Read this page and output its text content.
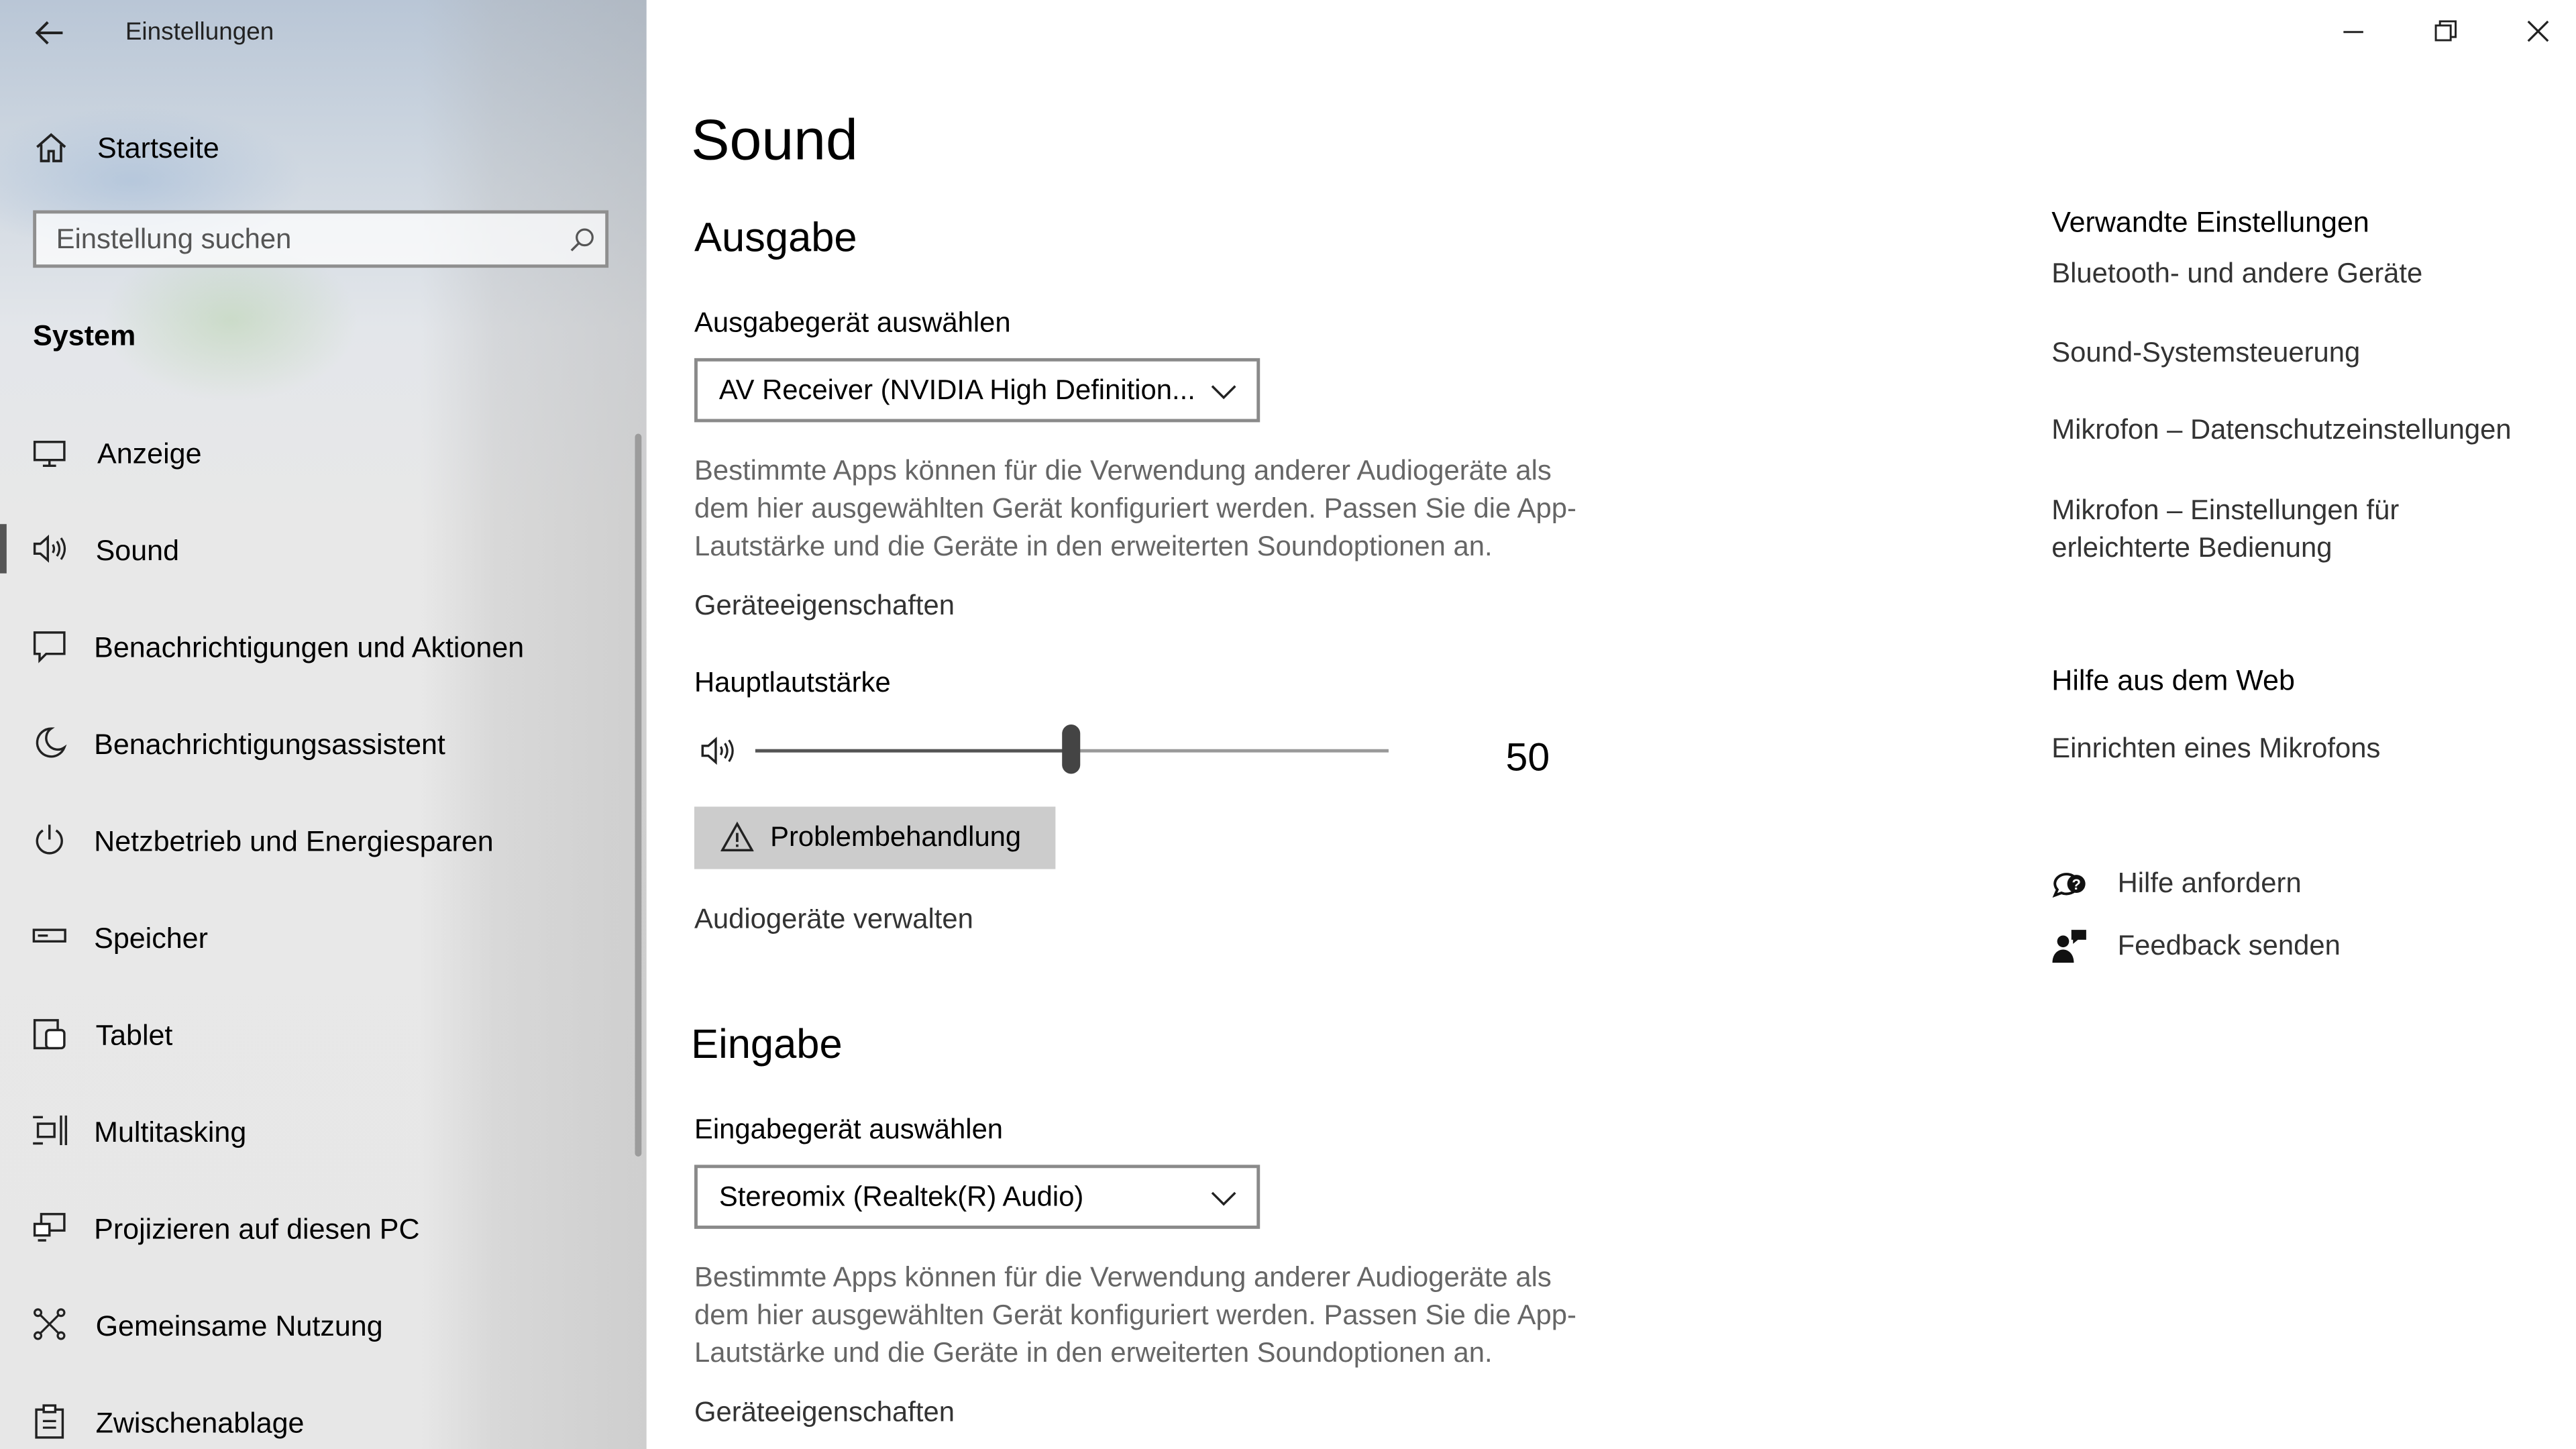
Einstellungen
Startseite
Einstellung suchen
System
Anzeige
Sound
Benachrichtigungen und Aktionen
Benachrichtigungsassistent
Netzbetrieb und Energiesparen
Speicher
Tablet
Multitasking
Projizieren auf diesen PC
Gemeinsame Nutzung
Zwischenablage
Sound
Ausgabe
Ausgabegerät auswählen
AV Receiver (NVIDIA High Definition...
Bestimmte Apps können für die Verwendung anderer Audiogeräte als dem hier ausgewählten Gerät konfiguriert werden. Passen Sie die App-Lautstärke und die Geräte in den erweiterten Soundoptionen an.
Geräteeigenschaften
Hauptlautstärke
50
Problembehandlung
Audiogeräte verwalten
Eingabe
Eingabegerät auswählen
Stereomix (Realtek(R) Audio)
Bestimmte Apps können für die Verwendung anderer Audiogeräte als dem hier ausgewählten Gerät konfiguriert werden. Passen Sie die App-Lautstärke und die Geräte in den erweiterten Soundoptionen an.
Geräteeigenschaften
Verwandte Einstellungen
Bluetooth- und andere Geräte
Sound-Systemsteuerung
Mikrofon – Datenschutzeinstellungen
Mikrofon – Einstellungen für erleichterte Bedienung
Hilfe aus dem Web
Einrichten eines Mikrofons
?	Hilfe anfordern
Feedback senden
